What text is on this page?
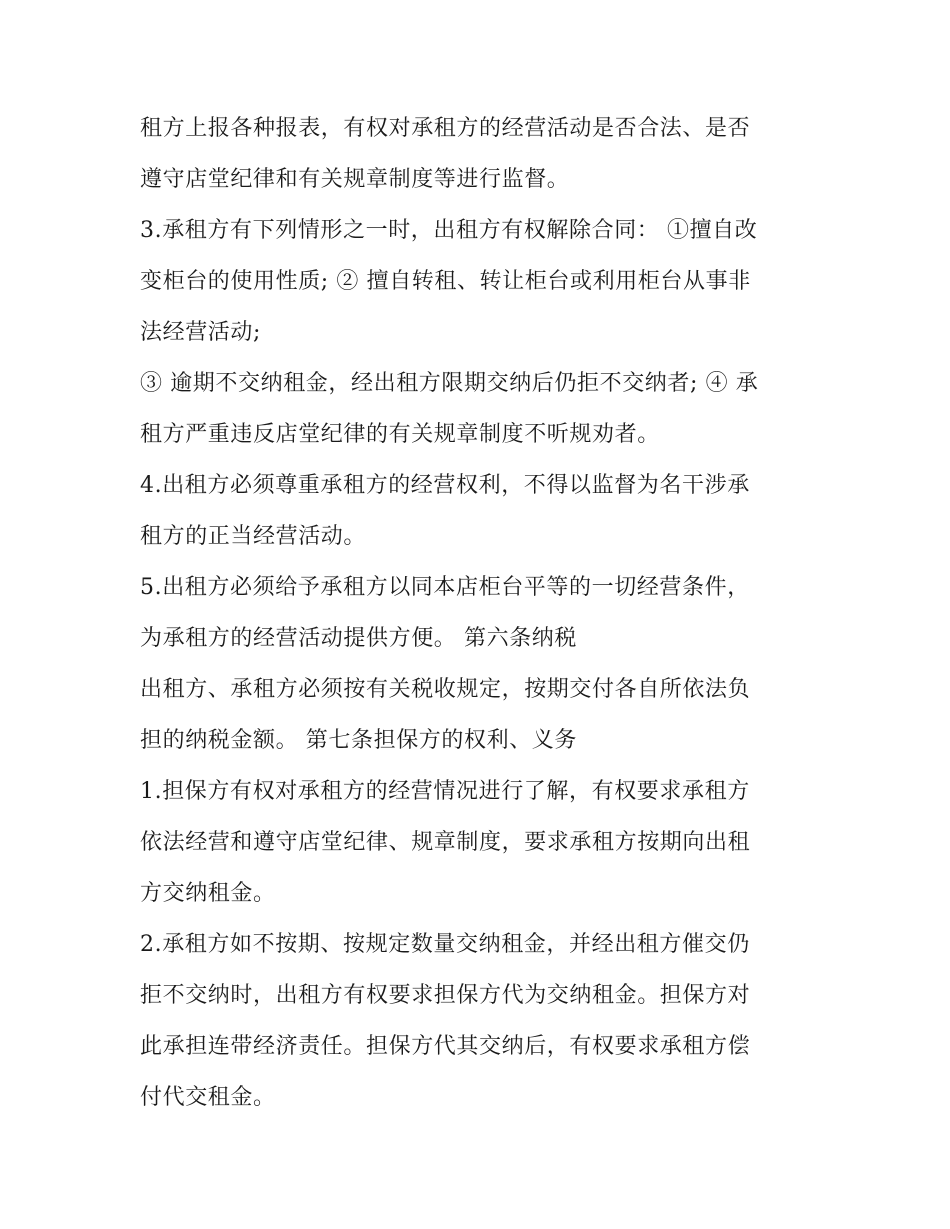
租方上报各种报表，有权对承租方的经营活动是否合法、是否
遵守店堂纪律和有关规章制度等进行监督。
3.承租方有下列情形之一时，出租方有权解除合同： ①擅自改
变柜台的使用性质; ② 擅自转租、转让柜台或利用柜台从事非
法经营活动;
③ 逾期不交纳租金，经出租方限期交纳后仍拒不交纳者; ④ 承
租方严重违反店堂纪律的有关规章制度不听规劝者。
4.出租方必须尊重承租方的经营权利，不得以监督为名干涉承
租方的正当经营活动。
5.出租方必须给予承租方以同本店柜台平等的一切经营条件，
为承租方的经营活动提供方便。 第六条纳税
出租方、承租方必须按有关税收规定，按期交付各自所依法负
担的纳税金额。 第七条担保方的权利、义务
1.担保方有权对承租方的经营情况进行了解，有权要求承租方
依法经营和遵守店堂纪律、规章制度，要求承租方按期向出租
方交纳租金。
2.承租方如不按期、按规定数量交纳租金，并经出租方催交仍
拒不交纳时，出租方有权要求担保方代为交纳租金。担保方对
此承担连带经济责任。担保方代其交纳后，有权要求承租方偿
付代交租金。
